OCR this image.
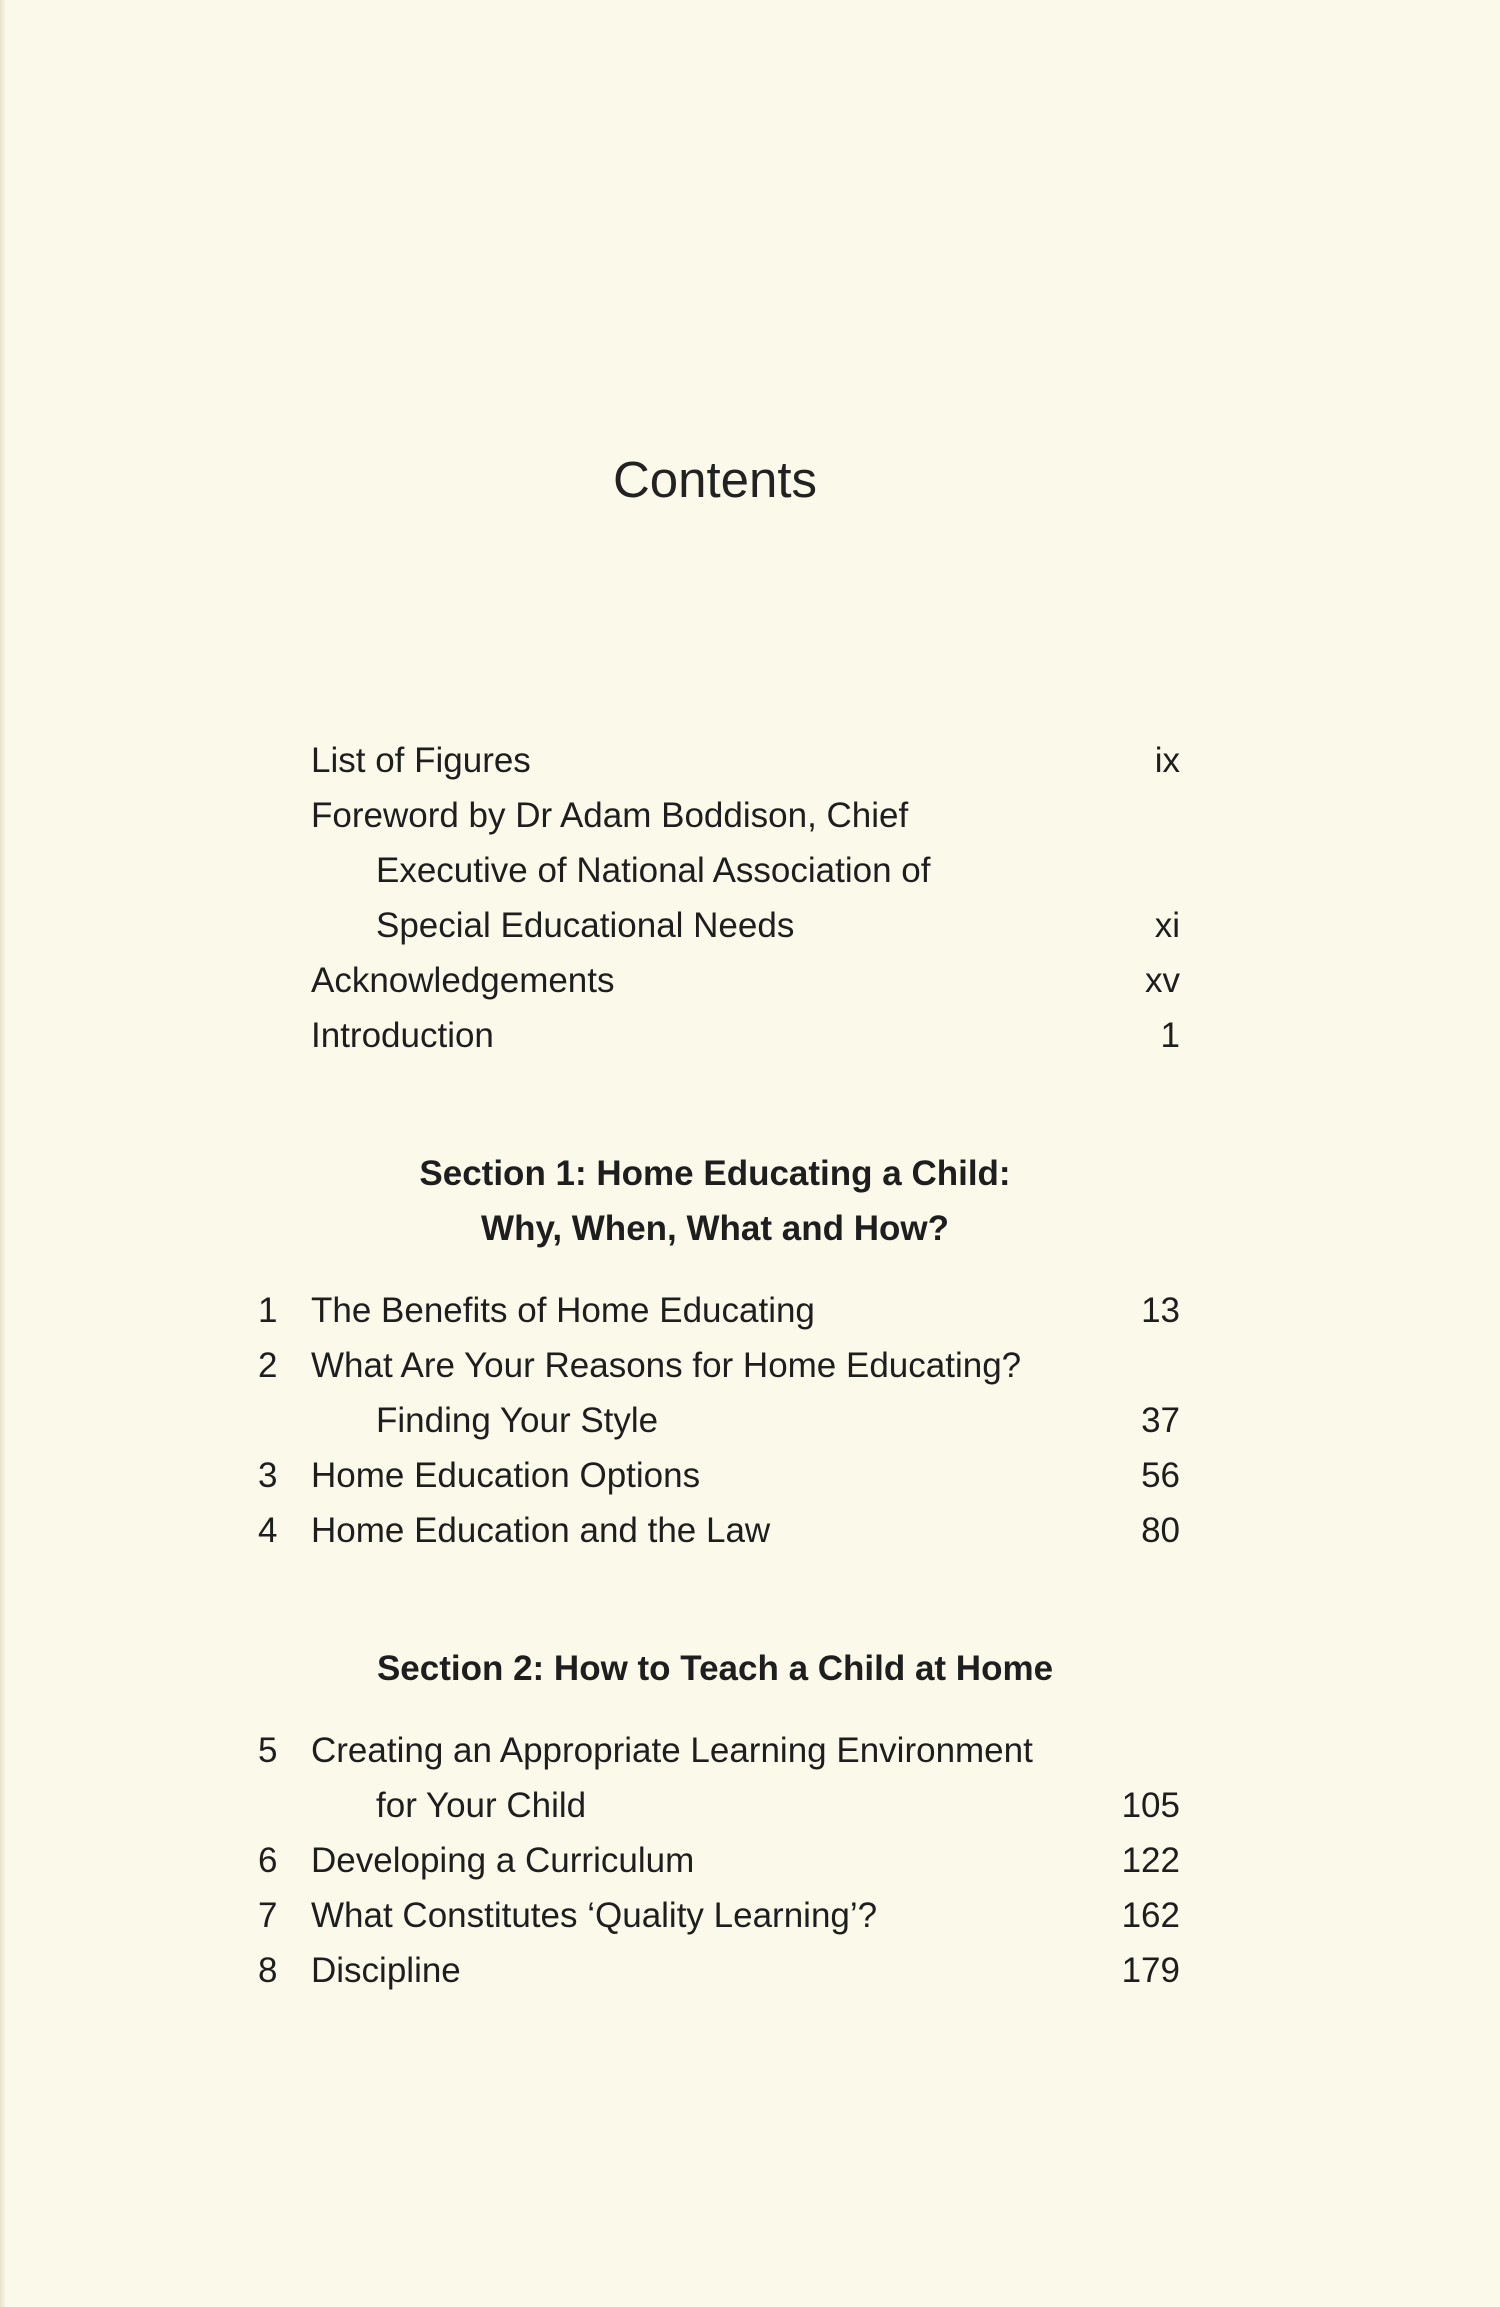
Contents
List of Figures	ix
Foreword by Dr Adam Boddison, Chief
Executive of National Association of
Special Educational Needs	xi
Acknowledgements	xv
Introduction	1
Section 1: Home Educating a Child:
Why, When, What and How?
1 The Benefits of Home Educating	13
2 What Are Your Reasons for Home Educating?
Finding Your Style	37
3 Home Education Options	56
4 Home Education and the Law	80
Section 2: How to Teach a Child at Home
5 Creating an Appropriate Learning Environment
for Your Child	105
6 Developing a Curriculum	122
7 What Constitutes ‘Quality Learning’?	162
8 Discipline	179
